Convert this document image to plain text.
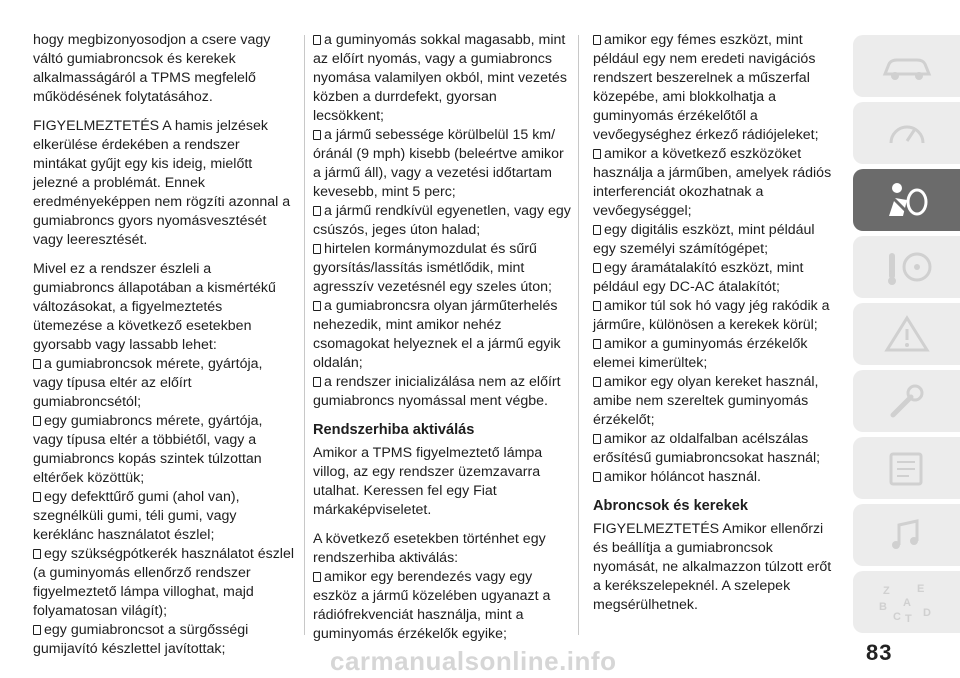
hogy megbizonyosodjon a csere vagy váltó gumiabroncsok és kerekek alkalmasságáról a TPMS megfelelő működésének folytatásához.

FIGYELMEZTETÉS A hamis jelzések elkerülése érdekében a rendszer mintákat gyűjt egy kis ideig, mielőtt jelezné a problémát. Ennek eredményeképpen nem rögzíti azonnal a gumiabroncs gyors nyomásvesztését vagy leeresztését.

Mivel ez a rendszer észleli a gumiabroncs állapotában a kismértékű változásokat, a figyelmeztetés ütemezése a következő esetekben gyorsabb vagy lassabb lehet:

a gumiabroncsok mérete, gyártója, vagy típusa eltér az előírt gumiabroncsétól;

egy gumiabroncs mérete, gyártója, vagy típusa eltér a többiétől, vagy a gumiabroncs kopás szintek túlzottan eltérőek közöttük;

egy defekttűrő gumi (ahol van), szegnélküli gumi, téli gumi, vagy keréklánc használatot észlel;

egy szükségpótkerék használatot észlel (a guminyomás ellenőrző rendszer figyelmeztető lámpa villoghat, majd folyamatosan világít);

egy gumiabroncsot a sürgősségi gumijavító készlettel javítottak;

a guminyomás sokkal magasabb, mint az előírt nyomás, vagy a gumiabroncs nyomása valamilyen okból, mint vezetés közben a durrdefekt, gyorsan lecsökkent;

a jármű sebessége körülbelül 15 km/óránál (9 mph) kisebb (beleértve amikor a jármű áll), vagy a vezetési időtartam kevesebb, mint 5 perc;

a jármű rendkívül egyenetlen, vagy egy csúszós, jeges úton halad;

hirtelen kormánymozdulat és sűrű gyorsítás/lassítás ismétlődik, mint agresszív vezetésnél egy szeles úton;

a gumiabroncsra olyan járműterhelés nehezedik, mint amikor nehéz csomagokat helyeznek el a jármű egyik oldalán;

a rendszer inicializálása nem az előírt gumiabroncs nyomással ment végbe.

Rendszerhiba aktiválás

Amikor a TPMS figyelmeztető lámpa villog, az egy rendszer üzemzavarra utalhat. Keressen fel egy Fiat márkaképviseletet.

A következő esetekben történhet egy rendszerhiba aktiválás:

amikor egy berendezés vagy egy eszköz a jármű közelében ugyanazt a rádiófrekvenciát használja, mint a guminyomás érzékelők egyike;

amikor egy fémes eszközt, mint például egy nem eredeti navigációs rendszert beszerelnek a műszerfal közepébe, ami blokkolhatja a guminyomás érzékelőtől a vevőegységhez érkező rádiójeleket;

amikor a következő eszközöket használja a járműben, amelyek rádiós interferenciát okozhatnak a vevőegységgel;

egy digitális eszközt, mint például egy személyi számítógépet;

egy áramátalakító eszközt, mint például egy DC-AC átalakítót;

amikor túl sok hó vagy jég rakódik a járműre, különösen a kerekek körül;

amikor a guminyomás érzékelők elemei kimerültek;

amikor egy olyan kereket használ, amibe nem szereltek guminyomás érzékelőt;

amikor az oldalfalban acélszálas erősítésű gumiabroncsokat használ;

amikor hóláncot használ.

Abroncsok és kerekek

FIGYELMEZTETÉS Amikor ellenőrzi és beállítja a gumiabroncsok nyomását, ne alkalmazzon túlzott erőt a kerékszelepeknél. A szelepek megsérülhetnek.

Z E
B A
C T D
carmanualsonline.info	83
